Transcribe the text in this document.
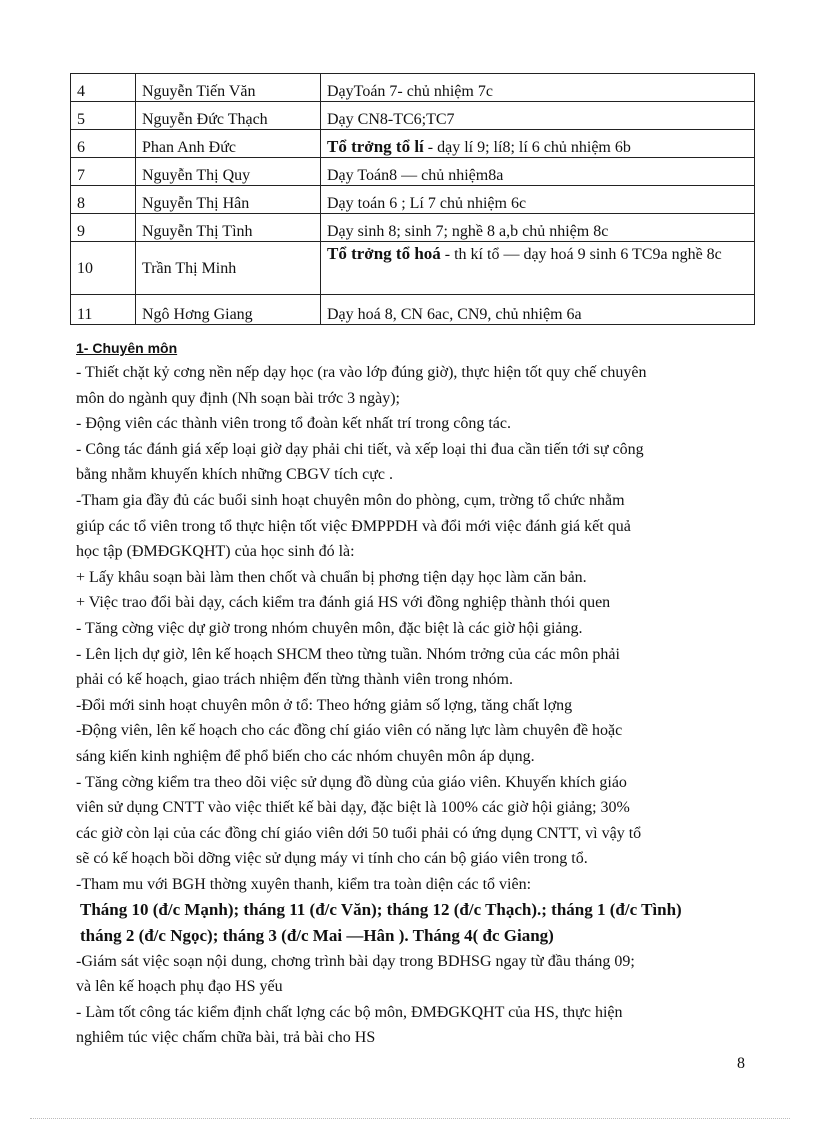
4	Nguyễn Tiến Văn	DạyToán 7- chủ nhiệm 7c
5	Nguyễn Đức Thạch	Dạy CN8-TC6;TC7
6	Phan Anh Đức	Tổ trởng tổ lí - dạy lí 9; lí8; lí 6 chủ nhiệm 6b
7	Nguyễn Thị Quy	Dạy Toán8 — chủ nhiệm8a
8	Nguyễn Thị Hân	Dạy toán 6 ; Lí 7 chủ nhiệm 6c
9	Nguyễn Thị Tình	Dạy sinh 8; sinh 7; nghề 8 a,b chủ nhiệm 8c
10	Trần Thị Minh	Tổ trởng tổ hoá - th kí tổ — dạy hoá 9 sinh 6 TC9a nghề 8c
11	Ngô Hơng Giang	Dạy hoá 8, CN 6ac, CN9, chủ nhiệm 6a
1- Chuyên môn

- Thiết chặt kỷ cơng nền nếp dạy học (ra vào lớp đúng giờ), thực hiện tốt quy chế chuyên

môn do ngành quy định (Nh soạn bài trớc 3 ngày);

- Động viên các thành viên trong tổ đoàn kết nhất trí trong công tác.

- Công tác đánh giá xếp loại giờ dạy phải chi tiết, và xếp loại thi đua cần tiến tới sự công

bằng nhằm khuyến khích những CBGV tích cực .

-Tham gia đầy đủ các buổi sinh hoạt chuyên môn do phòng, cụm, trờng tổ chức nhằm

giúp các tổ viên trong tổ thực hiện tốt việc ĐMPPDH và đổi mới việc đánh giá kết quả

học tập (ĐMĐGKQHT) của học sinh đó là:

+ Lấy khâu soạn bài làm then chốt và chuẩn bị phơng tiện dạy học làm căn bản.

+ Việc trao đổi bài dạy, cách kiểm tra đánh giá HS với đồng nghiệp thành thói quen

- Tăng cờng việc dự giờ trong nhóm chuyên môn, đặc biệt là các giờ hội giảng.

- Lên lịch dự giờ, lên kế hoạch SHCM theo từng tuần. Nhóm trởng của các môn phải

phải có kế hoạch, giao trách nhiệm đến từng thành viên trong nhóm.

-Đổi mới sinh hoạt chuyên môn ở tổ: Theo hớng giảm số lợng, tăng chất lợng

-Động viên, lên kế hoạch cho các đồng chí giáo viên có năng lực làm chuyên đề hoặc

sáng kiến kinh nghiệm để phổ biến cho các nhóm chuyên môn áp dụng.

- Tăng cờng kiểm tra theo dõi việc sử dụng đồ dùng của giáo viên. Khuyến khích giáo

viên sử dụng CNTT vào việc thiết kế bài dạy, đặc biệt là 100% các giờ hội giảng; 30%

các giờ còn lại của các đồng chí giáo viên dới 50 tuổi phải có ứng dụng CNTT, vì vậy tổ

sẽ có kế hoạch bồi dỡng việc sử dụng máy vi tính cho cán bộ giáo viên trong tổ.

-Tham mu với BGH thờng xuyên thanh, kiểm tra toàn diện các tổ viên:

Tháng 10 (đ/c Mạnh); tháng 11 (đ/c Văn); tháng 12 (đ/c Thạch).; tháng 1 (đ/c Tình)

tháng 2 (đ/c Ngọc); tháng 3 (đ/c Mai —Hân ). Tháng 4( đc Giang)

-Giám sát việc soạn nội dung, chơng trình bài dạy trong BDHSG ngay từ đầu tháng 09;

và lên kế hoạch phụ đạo HS yếu

- Làm tốt công tác kiểm định chất lợng các bộ môn, ĐMĐGKQHT của HS, thực hiện

nghiêm túc việc chấm chữa bài, trả bài cho HS

8
